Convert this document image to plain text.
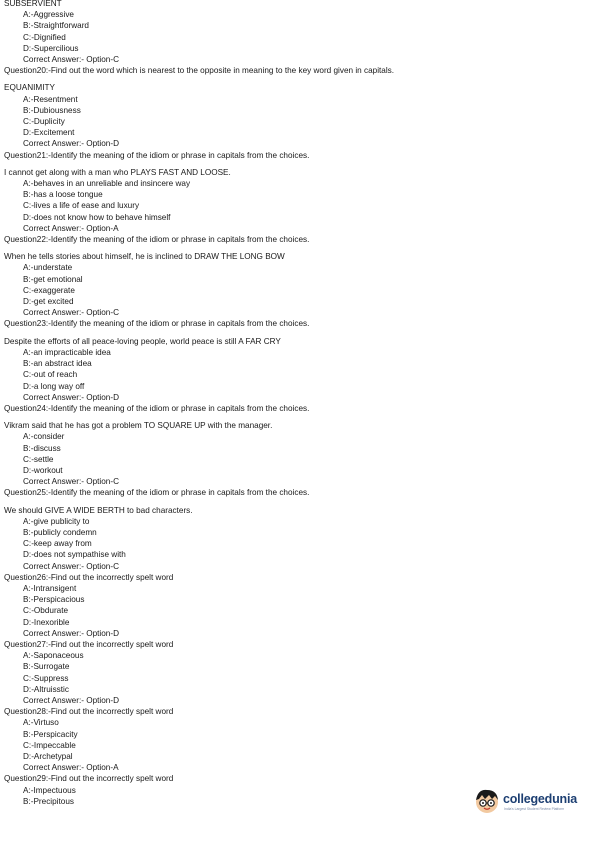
SUBSERVIENT
A:-Aggressive
B:-Straightforward
C:-Dignified
D:-Supercilious
Correct Answer:- Option-C
Question20:-Find out the word which is nearest to the opposite in meaning to the key word given in capitals.
EQUANIMITY
A:-Resentment
B:-Dubiousness
C:-Duplicity
D:-Excitement
Correct Answer:- Option-D
Question21:-Identify the meaning of the idiom or phrase in capitals from the choices.
I cannot get along with a man who PLAYS FAST AND LOOSE.
A:-behaves in an unreliable and insincere way
B:-has a loose tongue
C:-lives a life of ease and luxury
D:-does not know how to behave himself
Correct Answer:- Option-A
Question22:-Identify the meaning of the idiom or phrase in capitals from the choices.
When he tells stories about himself, he is inclined to DRAW THE LONG BOW
A:-understate
B:-get emotional
C:-exaggerate
D:-get excited
Correct Answer:- Option-C
Question23:-Identify the meaning of the idiom or phrase in capitals from the choices.
Despite the efforts of all peace-loving people, world peace is still A FAR CRY
A:-an impracticable idea
B:-an abstract idea
C:-out of reach
D:-a long way off
Correct Answer:- Option-D
Question24:-Identify the meaning of the idiom or phrase in capitals from the choices.
Vikram said that he has got a problem TO SQUARE UP with the manager.
A:-consider
B:-discuss
C:-settle
D:-workout
Correct Answer:- Option-C
Question25:-Identify the meaning of the idiom or phrase in capitals from the choices.
We should GIVE A WIDE BERTH to bad characters.
A:-give publicity to
B:-publicly condemn
C:-keep away from
D:-does not sympathise with
Correct Answer:- Option-C
Question26:-Find out the incorrectly spelt word
A:-Intransigent
B:-Perspicacious
C:-Obdurate
D:-Inexorible
Correct Answer:- Option-D
Question27:-Find out the incorrectly spelt word
A:-Saponaceous
B:-Surrogate
C:-Suppress
D:-Altruisstic
Correct Answer:- Option-D
Question28:-Find out the incorrectly spelt word
A:-Virtuso
B:-Perspicacity
C:-Impeccable
D:-Archetypal
Correct Answer:- Option-A
Question29:-Find out the incorrectly spelt word
A:-Impectuous
B:-Precipitous	collegedunia
India's Largest Student Review Platform
